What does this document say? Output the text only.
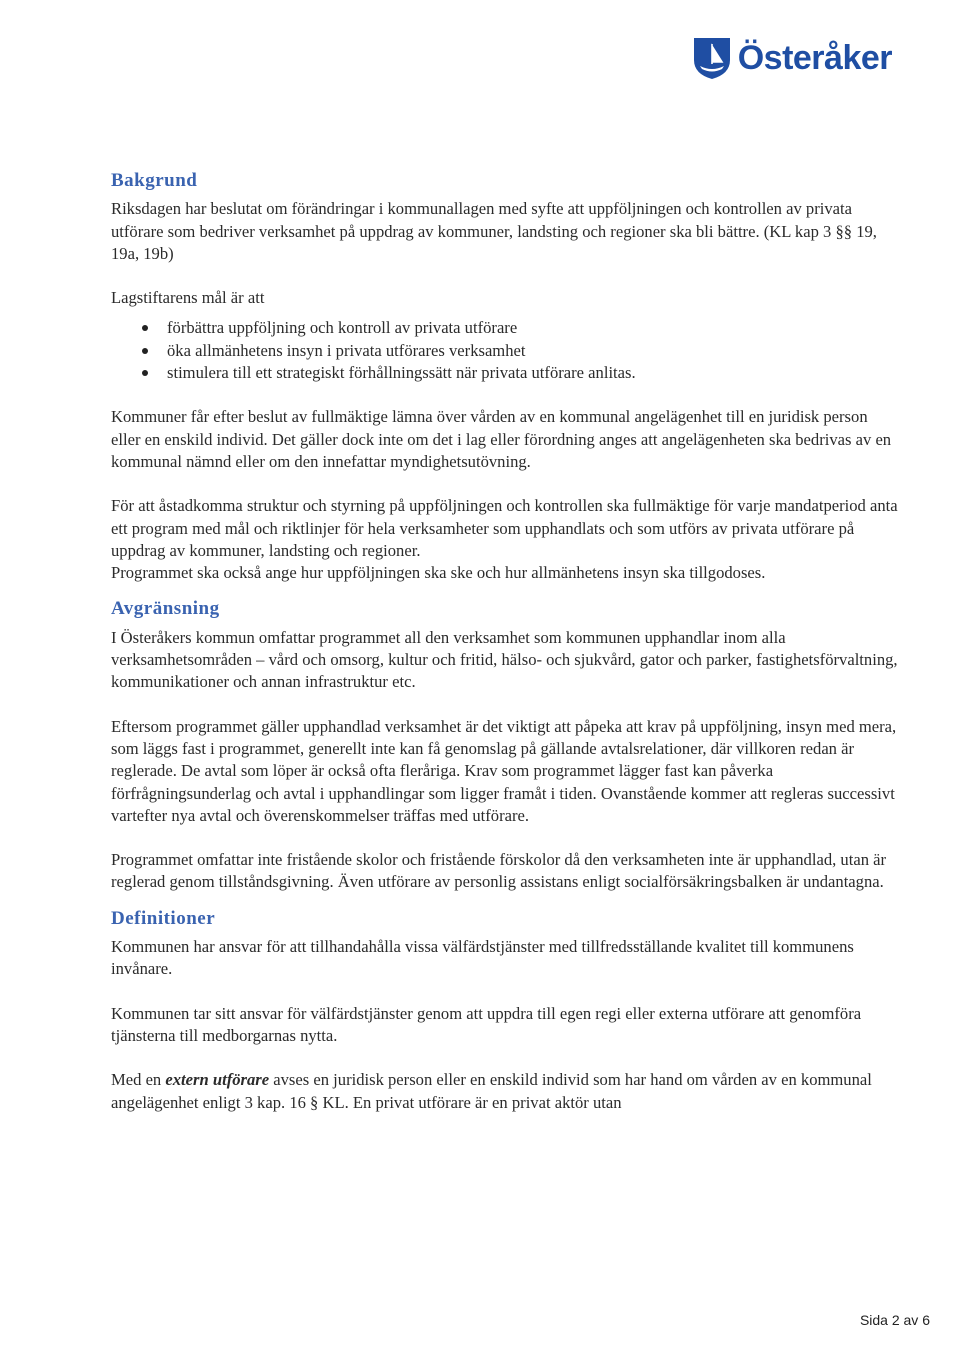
Österåker
Bakgrund

Riksdagen har beslutat om förändringar i kommunallagen med syfte att uppföljningen och kontrollen av privata utförare som bedriver verksamhet på uppdrag av kommuner, landsting och regioner ska bli bättre. (KL kap 3 §§ 19, 19a, 19b)

Lagstiftarens mål är att

förbättra uppföljning och kontroll av privata utförare
öka allmänhetens insyn i privata utförares verksamhet
stimulera till ett strategiskt förhållningssätt när privata utförare anlitas.

Kommuner får efter beslut av fullmäktige lämna över vården av en kommunal angelägenhet till en juridisk person eller en enskild individ. Det gäller dock inte om det i lag eller förordning anges att angelägenheten ska bedrivas av en kommunal nämnd eller om den innefattar myndighetsutövning.

För att åstadkomma struktur och styrning på uppföljningen och kontrollen ska fullmäktige för varje mandatperiod anta ett program med mål och riktlinjer för hela verksamheter som upphandlats och som utförs av privata utförare på uppdrag av kommuner, landsting och regioner.

Programmet ska också ange hur uppföljningen ska ske och hur allmänhetens insyn ska tillgodoses.

Avgränsning

I Österåkers kommun omfattar programmet all den verksamhet som kommunen upphandlar inom alla verksamhetsområden – vård och omsorg, kultur och fritid, hälso- och sjukvård, gator och parker, fastighetsförvaltning, kommunikationer och annan infrastruktur etc.

Eftersom programmet gäller upphandlad verksamhet är det viktigt att påpeka att krav på uppföljning, insyn med mera, som läggs fast i programmet, generellt inte kan få genomslag på gällande avtalsrelationer, där villkoren redan är reglerade. De avtal som löper är också ofta fleråriga. Krav som programmet lägger fast kan påverka förfrågningsunderlag och avtal i upphandlingar som ligger framåt i tiden. Ovanstående kommer att regleras successivt vartefter nya avtal och överenskommelser träffas med utförare.

Programmet omfattar inte fristående skolor och fristående förskolor då den verksamheten inte är upphandlad, utan är reglerad genom tillståndsgivning. Även utförare av personlig assistans enligt socialförsäkringsbalken är undantagna.

Definitioner

Kommunen har ansvar för att tillhandahålla vissa välfärdstjänster med tillfredsställande kvalitet till kommunens invånare.

Kommunen tar sitt ansvar för välfärdstjänster genom att uppdra till egen regi eller externa utförare att genomföra tjänsterna till medborgarnas nytta.

Med en extern utförare avses en juridisk person eller en enskild individ som har hand om vården av en kommunal angelägenhet enligt 3 kap. 16 § KL. En privat utförare är en privat aktör utan

Sida 2 av 6
